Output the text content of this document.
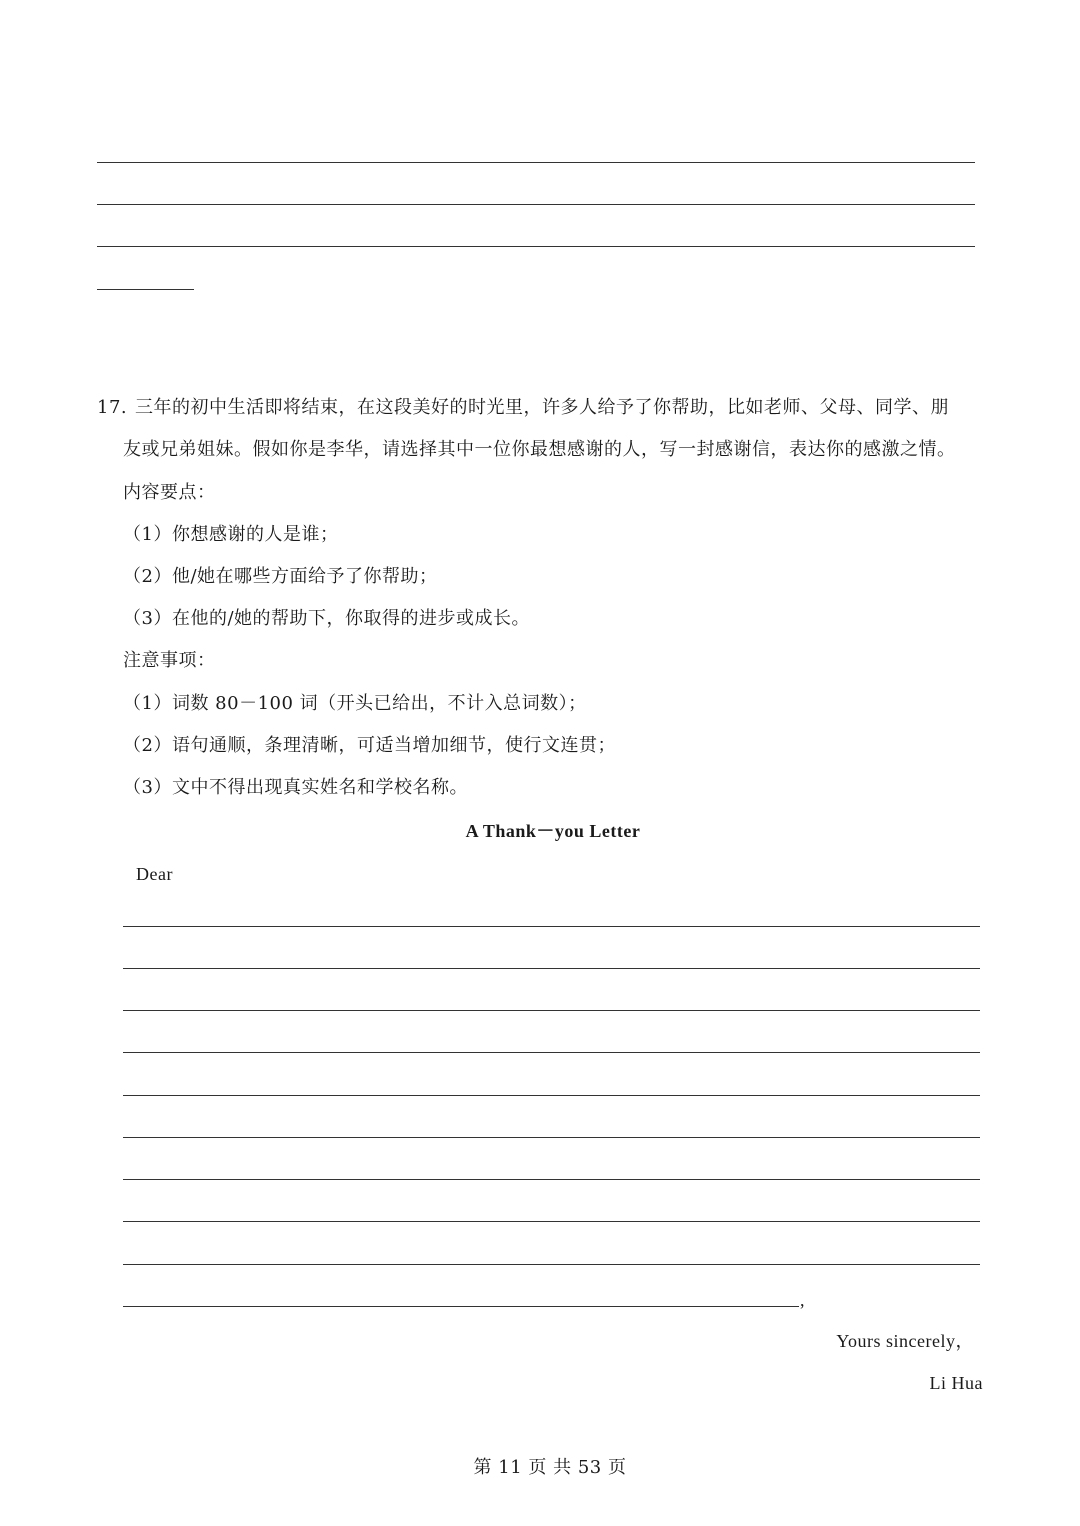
17. 三年的初中生活即将结束，在这段美好的时光里，许多人给予了你帮助，比如老师、父母、同学、朋
友或兄弟姐妹。假如你是李华，请选择其中一位你最想感谢的人，写一封感谢信，表达你的感激之情。
内容要点：
（1）你想感谢的人是谁；
（2）他/她在哪些方面给予了你帮助；
（3）在他的/她的帮助下，你取得的进步或成长。
注意事项：
（1）词数 80－100 词（开头已给出，不计入总词数）；
（2）语句通顺，条理清晰，可适当增加细节，使行文连贯；
（3）文中不得出现真实姓名和学校名称。
A Thank－you Letter
Dear
,
Yours sincerely，
Li Hua
第 11 页 共 53 页
